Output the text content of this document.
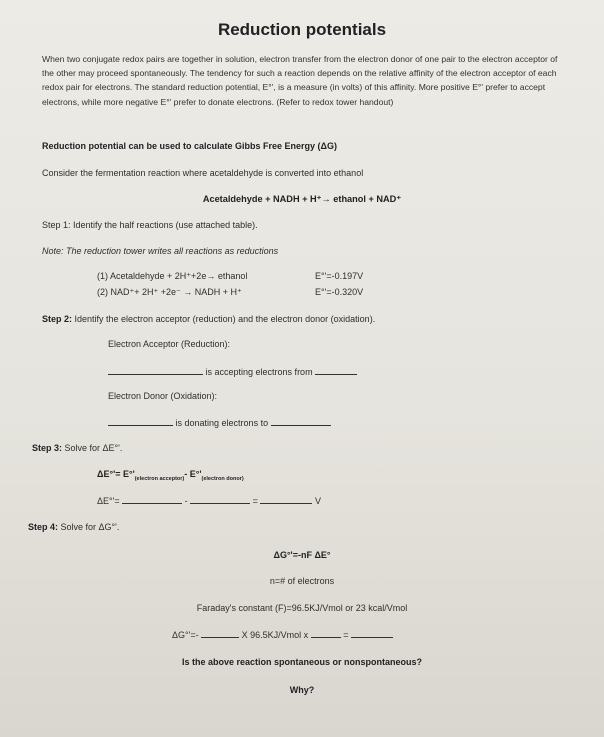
Reduction potentials
When two conjugate redox pairs are together in solution, electron transfer from the electron donor of one pair to the electron acceptor of the other may proceed spontaneously. The tendency for such a reaction depends on the relative affinity of the electron acceptor of each redox pair for electrons. The standard reduction potential, E°', is a measure (in volts) of this affinity. More positive E°' prefer to accept electrons, while more negative E°' prefer to donate electrons. (Refer to redox tower handout)
Reduction potential can be used to calculate Gibbs Free Energy (ΔG)
Consider the fermentation reaction where acetaldehyde is converted into ethanol
Acetaldehyde + NADH + H⁺→ ethanol + NAD⁺
Step 1: Identify the half reactions (use attached table).
Note: The reduction tower writes all reactions as reductions
(1) Acetaldehyde + 2H⁺+2e→ ethanol	E°'=-0.197V
(2) NAD⁺+ 2H⁺ +2e⁻ → NADH + H⁺	E°'=-0.320V
Step 2: Identify the electron acceptor (reduction) and the electron donor (oxidation).
Electron Acceptor (Reduction):
is accepting electrons from
Electron Donor (Oxidation):
is donating electrons to
Step 3: Solve for ΔE°'.
$\Delta E^\circ'= E^\circ'_{(electron acceptor)}-$ $E^\circ'_{(electron donor)}$
ΔE°'=	-	=	V
Step 4: Solve for ΔG°'.
ΔG°'=-nF ΔE°
n=# of electrons
Faraday's constant (F)=96.5KJ/Vmol or 23 kcal/Vmol
ΔG°'=-	X 96.5KJ/Vmol x	=
Is the above reaction spontaneous or nonspontaneous?
Why?
